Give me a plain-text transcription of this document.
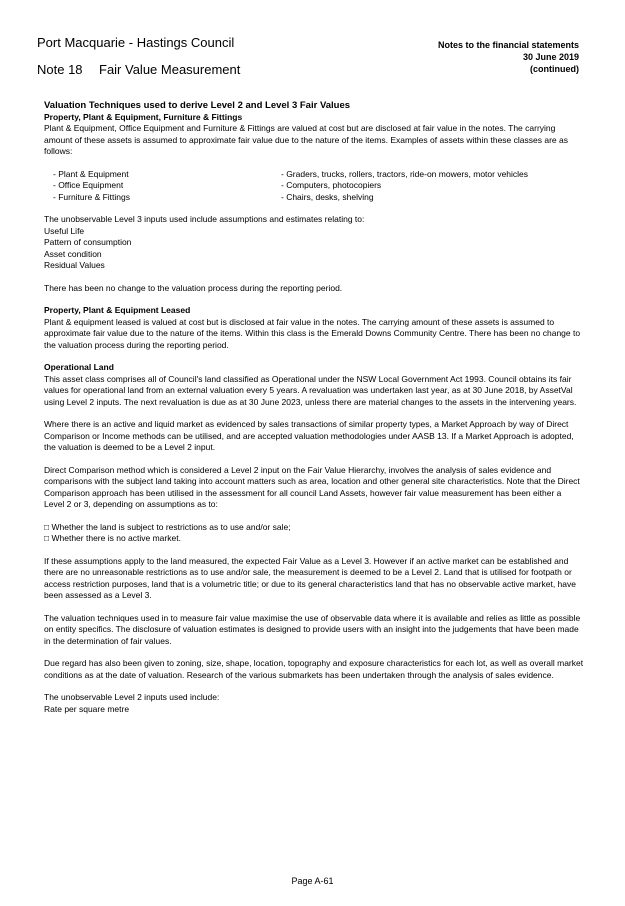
Port Macquarie - Hastings Council
Note 18 Fair Value Measurement
Notes to the financial statements
30 June 2019
(continued)

Valuation Techniques used to derive Level 2 and Level 3 Fair Values

Property, Plant & Equipment, Furniture & Fittings

Plant & Equipment, Office Equipment and Furniture & Fittings are valued at cost but are disclosed at fair value in the notes. The carrying amount of these assets is assumed to approximate fair value due to the nature of the items. Examples of assets within these classes are as follows:

- Plant & Equipment	- Graders, trucks, rollers, tractors, ride-on mowers, motor vehicles
- Office Equipment	- Computers, photocopiers
- Furniture & Fittings	- Chairs, desks, shelving

The unobservable Level 3 inputs used include assumptions and estimates relating to:

Useful Life

Pattern of consumption

Asset condition

Residual Values

There has been no change to the valuation process during the reporting period.

Property, Plant & Equipment Leased

Plant & equipment leased is valued at cost but is disclosed at fair value in the notes. The carrying amount of these assets is assumed to approximate fair value due to the nature of the items. Within this class is the Emerald Downs Community Centre. There has been no change to the valuation process during the reporting period.

Operational Land

This asset class comprises all of Council's land classified as Operational under the NSW Local Government Act 1993. Council obtains its fair values for operational land from an external valuation every 5 years. A revaluation was undertaken last year, as at 30 June 2018, by AssetVal using Level 2 inputs. The next revaluation is due as at 30 June 2023, unless there are material changes to the assets in the intervening years.

Where there is an active and liquid market as evidenced by sales transactions of similar property types, a Market Approach by way of Direct Comparison or Income methods can be utilised, and are accepted valuation methodologies under AASB 13. If a Market Approach is adopted, the valuation is deemed to be a Level 2 input.

Direct Comparison method which is considered a Level 2 input on the Fair Value Hierarchy, involves the analysis of sales evidence and comparisons with the subject land taking into account matters such as area, location and other general site characteristics. Note that the Direct Comparison approach has been utilised in the assessment for all council Land Assets, however fair value measurement has been either a Level 2 or 3, depending on assumptions as to:

□ Whether the land is subject to restrictions as to use and/or sale;

□ Whether there is no active market.

If these assumptions apply to the land measured, the expected Fair Value as a Level 3. However if an active market can be established and there are no unreasonable restrictions as to use and/or sale, the measurement is deemed to be a Level 2. Land that is utilised for footpath or access restriction purposes, land that is a volumetric title; or due to its general characteristics land that has no observable active market, have been assessed as a Level 3.

The valuation techniques used in to measure fair value maximise the use of observable data where it is available and relies as little as possible on entity specifics. The disclosure of valuation estimates is designed to provide users with an insight into the judgements that have been made in the determination of fair values.

Due regard has also been given to zoning, size, shape, location, topography and exposure characteristics for each lot, as well as overall market conditions as at the date of valuation. Research of the various submarkets has been undertaken through the analysis of sales evidence.

The unobservable Level 2 inputs used include:

Rate per square metre

Page A-61
